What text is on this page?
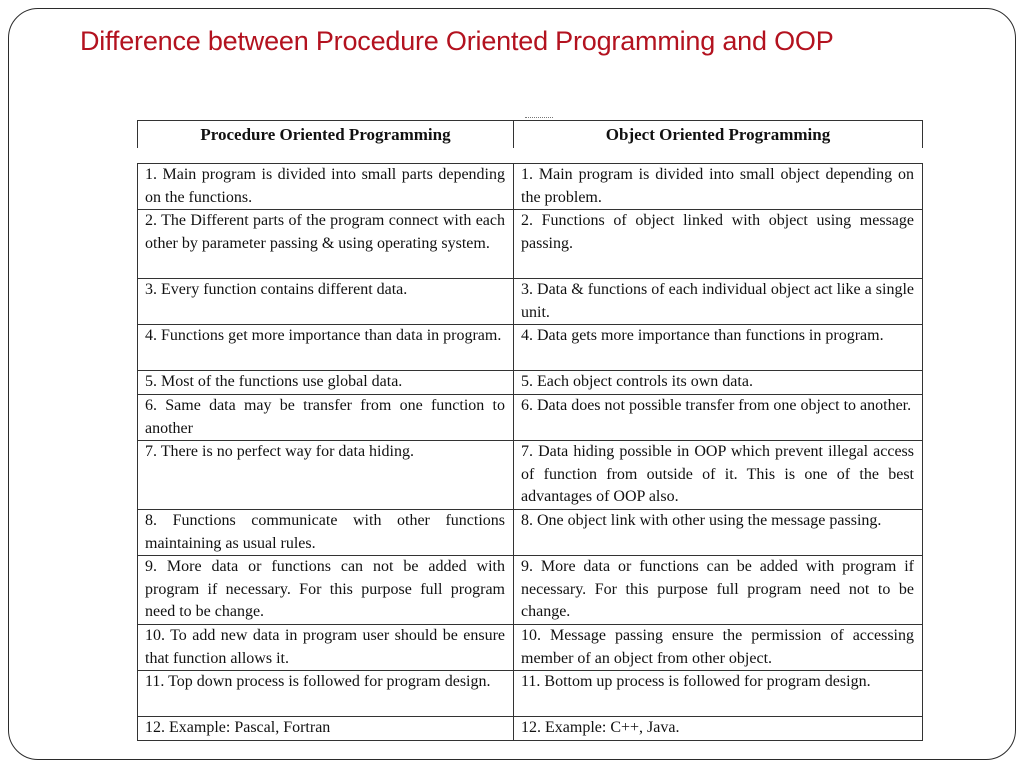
Difference between Procedure Oriented Programming and OOP
Procedure Oriented Programming	Object Oriented Programming

1. Main program is divided into small parts depending on the functions.	1. Main program is divided into small object depending on the problem.

2. The Different parts of the program connect with each other by parameter passing & using operating system.	2. Functions of object linked with object using message passing.

3. Every function contains different data.	3. Data & functions of each individual object act like a single unit.

4. Functions get more importance than data in program.	4. Data gets more importance than functions in program.

5. Most of the functions use global data.	5. Each object controls its own data.

6. Same data may be transfer from one function to another	6. Data does not possible transfer from one object to another.

7. There is no perfect way for data hiding.	7. Data hiding possible in OOP which prevent illegal access of function from outside of it. This is one of the best advantages of OOP also.

8. Functions communicate with other functions maintaining as usual rules.	8. One object link with other using the message passing.

9. More data or functions can not be added with program if necessary. For this purpose full program need to be change.	9. More data or functions can be added with program if necessary. For this purpose full program need not to be change.

10. To add new data in program user should be ensure that function allows it.	10. Message passing ensure the permission of accessing member of an object from other object.

11. Top down process is followed for program design.	11. Bottom up process is followed for program design.

12. Example: Pascal, Fortran	12. Example: C++, Java.
